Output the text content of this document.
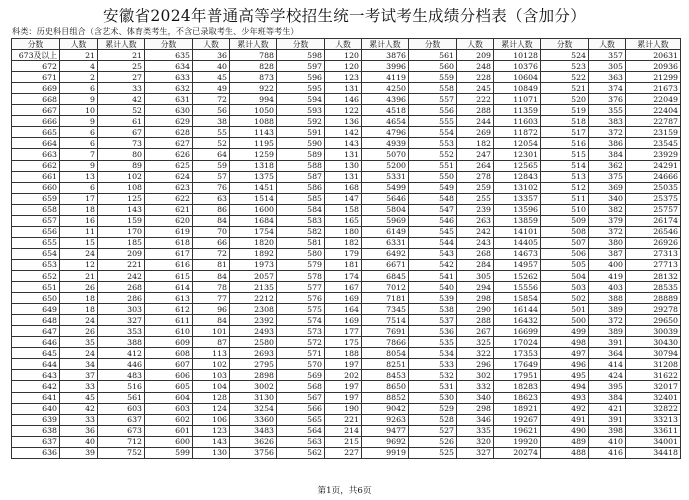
安徽省2024年普通高等学校招生统一考试考生成绩分档表（含加分）
科类：历史科目组合（含艺术、体育类考生，不含已录取考生、少年班等考生）
分数	人数	累计人数	分数	人数	累计人数	分数	人数	累计人数	分数	人数	累计人数	分数	人数	累计人数
673及以上	21	21	635	36	788	598	120	3876	561	209	10128	524	357	20631
672	4	25	634	40	828	597	120	3996	560	248	10376	523	305	20936
671	2	27	633	45	873	596	123	4119	559	228	10604	522	363	21299
669	6	33	632	49	922	595	131	4250	558	245	10849	521	374	21673
668	9	42	631	72	994	594	146	4396	557	222	11071	520	376	22049
667	10	52	630	56	1050	593	122	4518	556	288	11359	519	355	22404
666	9	61	629	38	1088	592	136	4654	555	244	11603	518	383	22787
665	6	67	628	55	1143	591	142	4796	554	269	11872	517	372	23159
664	6	73	627	52	1195	590	143	4939	553	182	12054	516	386	23545
663	7	80	626	64	1259	589	131	5070	552	247	12301	515	384	23929
662	9	89	625	59	1318	588	130	5200	551	264	12565	514	362	24291
661	13	102	624	57	1375	587	131	5331	550	278	12843	513	375	24666
660	6	108	623	76	1451	586	168	5499	549	259	13102	512	369	25035
659	17	125	622	63	1514	585	147	5646	548	255	13357	511	340	25375
658	18	143	621	86	1600	584	158	5804	547	239	13596	510	382	25757
657	16	159	620	84	1684	583	165	5969	546	263	13859	509	379	26174
656	11	170	619	70	1754	582	180	6149	545	242	14101	508	372	26546
655	15	185	618	66	1820	581	182	6331	544	243	14405	507	380	26926
654	24	209	617	72	1892	580	179	6492	543	268	14673	506	387	27313
653	12	221	616	81	1973	579	181	6671	542	284	14957	505	400	27713
652	21	242	615	84	2057	578	174	6845	541	305	15262	504	419	28132
651	26	268	614	78	2135	577	167	7012	540	294	15556	503	403	28535
650	18	286	613	77	2212	576	169	7181	539	298	15854	502	388	28889
649	18	303	612	96	2308	575	164	7345	538	290	16144	501	389	29278
648	24	327	611	84	2392	574	169	7514	537	288	16432	500	372	29650
647	26	353	610	101	2493	573	177	7691	536	267	16699	499	389	30039
646	35	388	609	87	2580	572	175	7866	535	325	17024	498	391	30430
645	24	412	608	113	2693	571	188	8054	534	322	17353	497	364	30794
644	34	446	607	102	2795	570	197	8251	533	296	17649	496	414	31208
643	37	483	606	103	2898	569	202	8453	532	302	17951	495	424	31622
642	33	516	605	104	3002	568	197	8650	531	332	18283	494	395	32017
641	45	561	604	128	3130	567	197	8852	530	340	18623	493	384	32401
640	42	603	603	124	3254	566	190	9042	529	298	18921	492	421	32822
639	33	637	602	106	3360	565	221	9263	528	346	19267	491	391	33213
638	36	673	601	123	3483	564	214	9477	527	335	19621	490	398	33611
637	40	712	600	143	3626	563	215	9692	526	320	19920	489	410	34001
636	39	752	599	130	3756	562	227	9919	525	327	20274	488	416	34418
第1页，共6页
